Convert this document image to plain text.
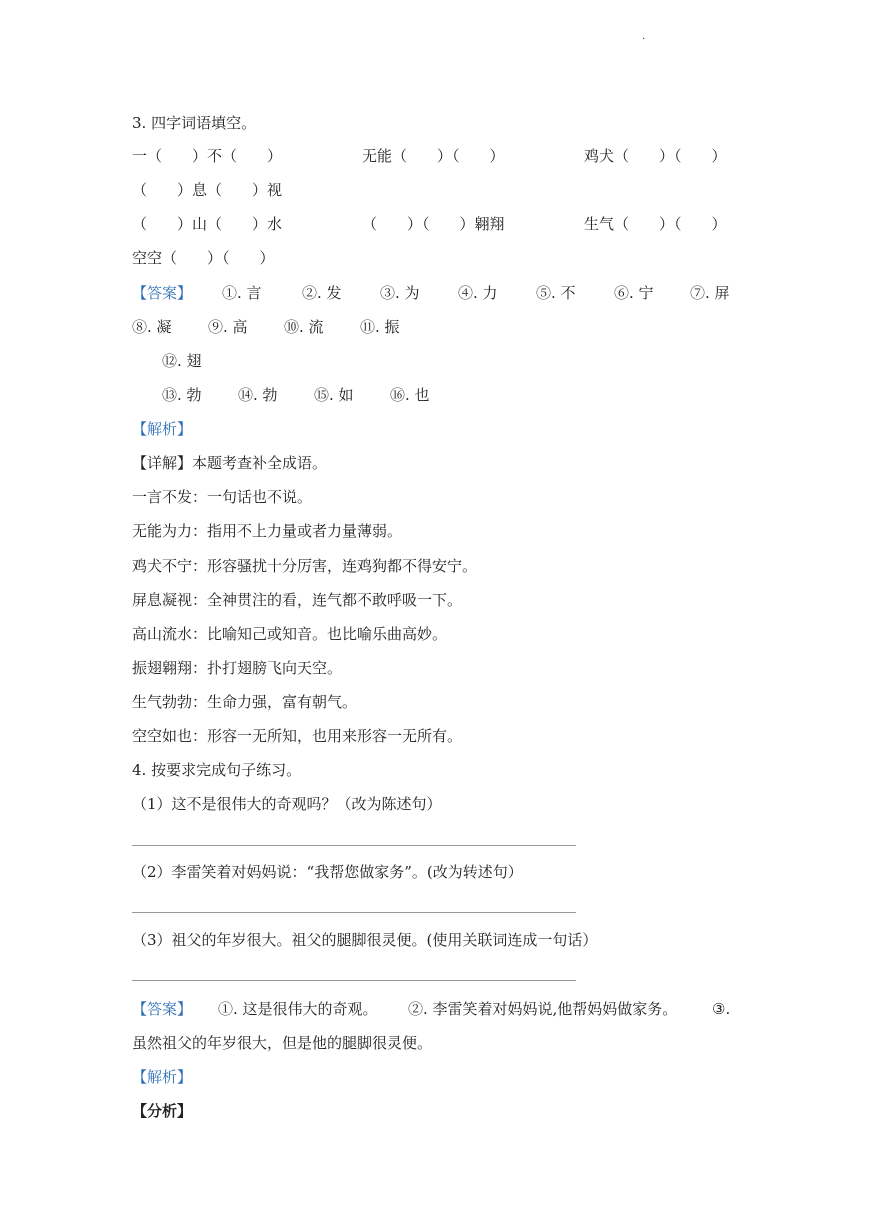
·
3. 四字词语填空。
一（　　）不（　　）	无能（　　）（　　）	鸡犬（　　）（　　）
（　　）息（　　）视
（　　）山（　　）水	（　　）（　　）翱翔	生气（　　）（　　）
空空（　　）（　　）
【答案】 ①. 言	②. 发	③. 为	④. 力	⑤. 不	⑥. 宁 ⑦. 屏
⑧. 凝 ⑨. 高 ⑩. 流 ⑪. 振
⑫. 翅
⑬. 勃 ⑭. 勃 ⑮. 如 ⑯. 也
【解析】
【详解】本题考查补全成语。
一言不发：一句话也不说。
无能为力：指用不上力量或者力量薄弱。
鸡犬不宁：形容骚扰十分厉害，连鸡狗都不得安宁。
屏息凝视：全神贯注的看，连气都不敢呼吸一下。
高山流水：比喻知己或知音。也比喻乐曲高妙。
振翅翱翔：扑打翅膀飞向天空。
生气勃勃：生命力强，富有朝气。
空空如也：形容一无所知，也用来形容一无所有。
4. 按要求完成句子练习。
（1）这不是很伟大的奇观吗？（改为陈述句）
（2）李雷笑着对妈妈说：“我帮您做家务”。(改为转述句）
（3）祖父的年岁很大。祖父的腿脚很灵便。(使用关联词连成一句话）
【答案】 ①. 这是很伟大的奇观。 ②. 李雷笑着对妈妈说,他帮妈妈做家务。 ③.
虽然祖父的年岁很大，但是他的腿脚很灵便。
【解析】
【分析】
